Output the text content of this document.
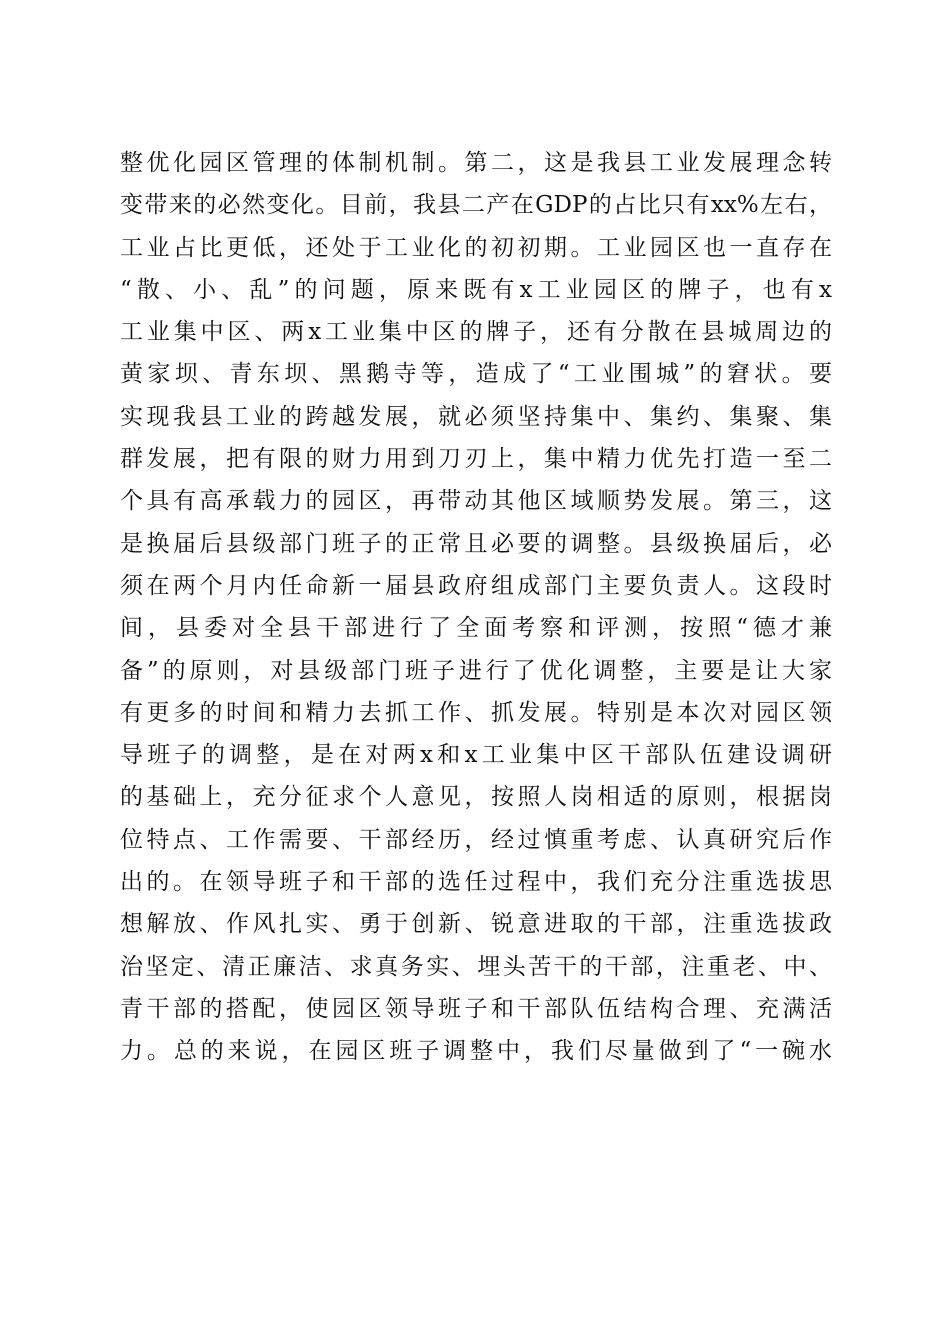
整优化园区管理的体制机制。第二，这是我县工业发展理念转
变带来的必然变化。目前，我县二产在GDP的占比只有xx%左右，
工业占比更低，还处于工业化的初初期。工业园区也一直存在
“散、小、乱”的问题，原来既有x工业园区的牌子，也有x
工业集中区、两x工业集中区的牌子，还有分散在县城周边的
黄家坝、青东坝、黑鹅寺等，造成了“工业围城”的窘状。要
实现我县工业的跨越发展，就必须坚持集中、集约、集聚、集
群发展，把有限的财力用到刀刃上，集中精力优先打造一至二
个具有高承载力的园区，再带动其他区域顺势发展。第三，这
是换届后县级部门班子的正常且必要的调整。县级换届后，必
须在两个月内任命新一届县政府组成部门主要负责人。这段时
间，县委对全县干部进行了全面考察和评测，按照“德才兼
备”的原则，对县级部门班子进行了优化调整，主要是让大家
有更多的时间和精力去抓工作、抓发展。特别是本次对园区领
导班子的调整，是在对两x和x工业集中区干部队伍建设调研
的基础上，充分征求个人意见，按照人岗相适的原则，根据岗
位特点、工作需要、干部经历，经过慎重考虑、认真研究后作
出的。在领导班子和干部的选任过程中，我们充分注重选拔思
想解放、作风扎实、勇于创新、锐意进取的干部，注重选拔政
治坚定、清正廉洁、求真务实、埋头苦干的干部，注重老、中、
青干部的搭配，使园区领导班子和干部队伍结构合理、充满活
力。总的来说，在园区班子调整中，我们尽量做到了“一碗水
